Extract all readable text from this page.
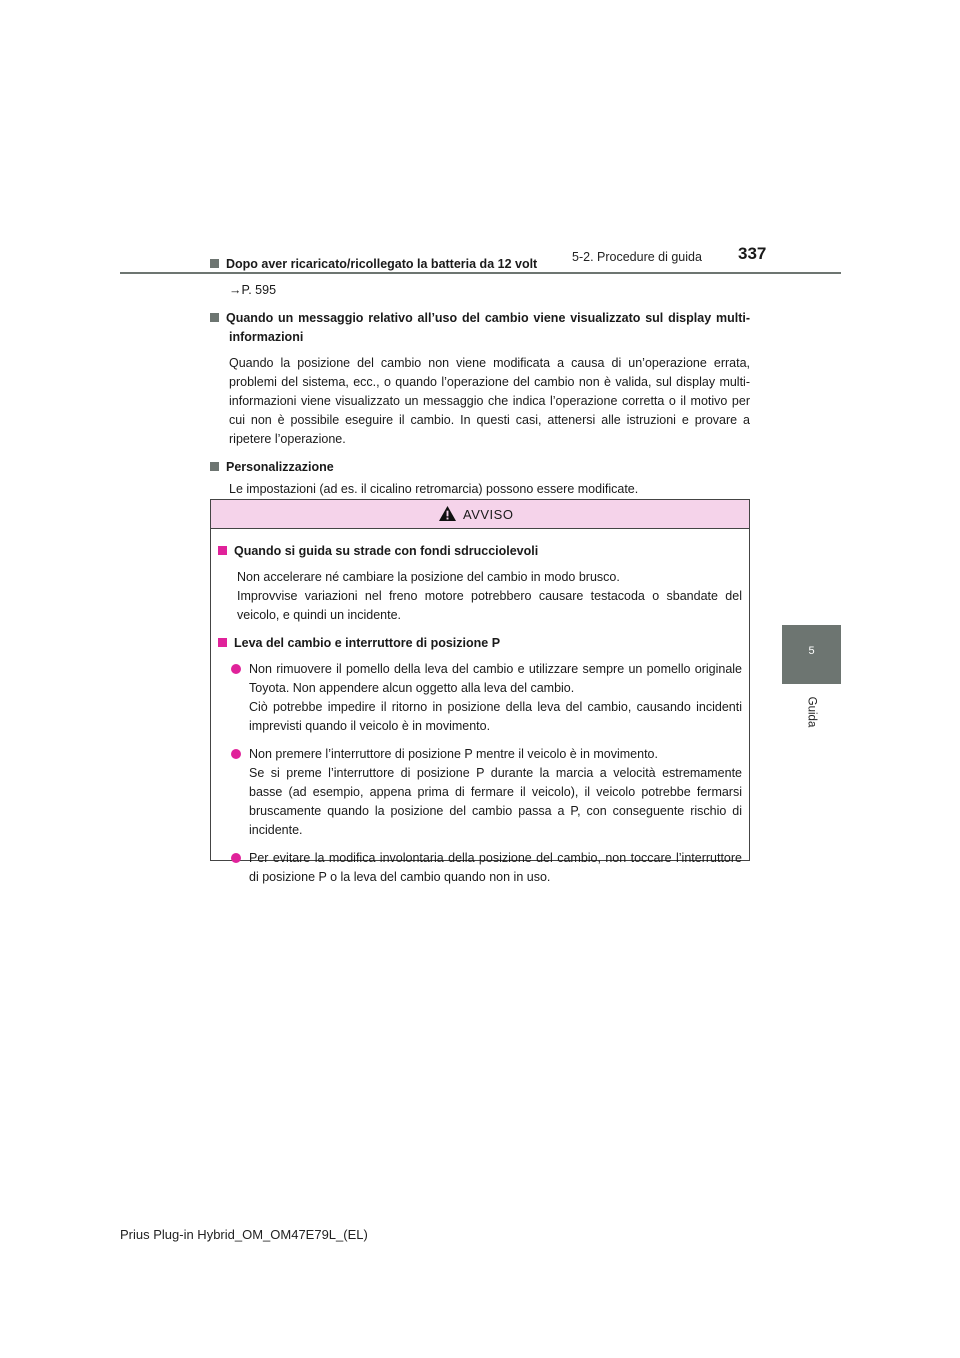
337
5-2. Procedure di guida
5
Guida

Dopo aver ricaricato/ricollegato la batteria da 12 volt

→P. 595

Quando un messaggio relativo all’uso del cambio viene visualizzato sul display multi-informazioni

Quando la posizione del cambio non viene modificata a causa di un’operazione errata, problemi del sistema, ecc., o quando l’operazione del cambio non è valida, sul display multi-informazioni viene visualizzato un messaggio che indica l’operazione corretta o il motivo per cui non è possibile eseguire il cambio. In questi casi, attenersi alle istruzioni e provare a ripetere l’operazione.

Personalizzazione

Le impostazioni (ad es. il cicalino retromarcia) possono essere modificate.

AVVISO

Quando si guida su strade con fondi sdrucciolevoli

Non accelerare né cambiare la posizione del cambio in modo brusco.

Improvvise variazioni nel freno motore potrebbero causare testacoda o sbandate del veicolo, e quindi un incidente.

Leva del cambio e interruttore di posizione P

Non rimuovere il pomello della leva del cambio e utilizzare sempre un pomello originale Toyota. Non appendere alcun oggetto alla leva del cambio.

Ciò potrebbe impedire il ritorno in posizione della leva del cambio, causando incidenti imprevisti quando il veicolo è in movimento.

Non premere l’interruttore di posizione P mentre il veicolo è in movimento.

Se si preme l’interruttore di posizione P durante la marcia a velocità estremamente basse (ad esempio, appena prima di fermare il veicolo), il veicolo potrebbe fermarsi bruscamente quando la posizione del cambio passa a P, con conseguente rischio di incidente.

Per evitare la modifica involontaria della posizione del cambio, non toccare l’interruttore di posizione P o la leva del cambio quando non in uso.

Prius Plug-in Hybrid_OM_OM47E79L_(EL)
